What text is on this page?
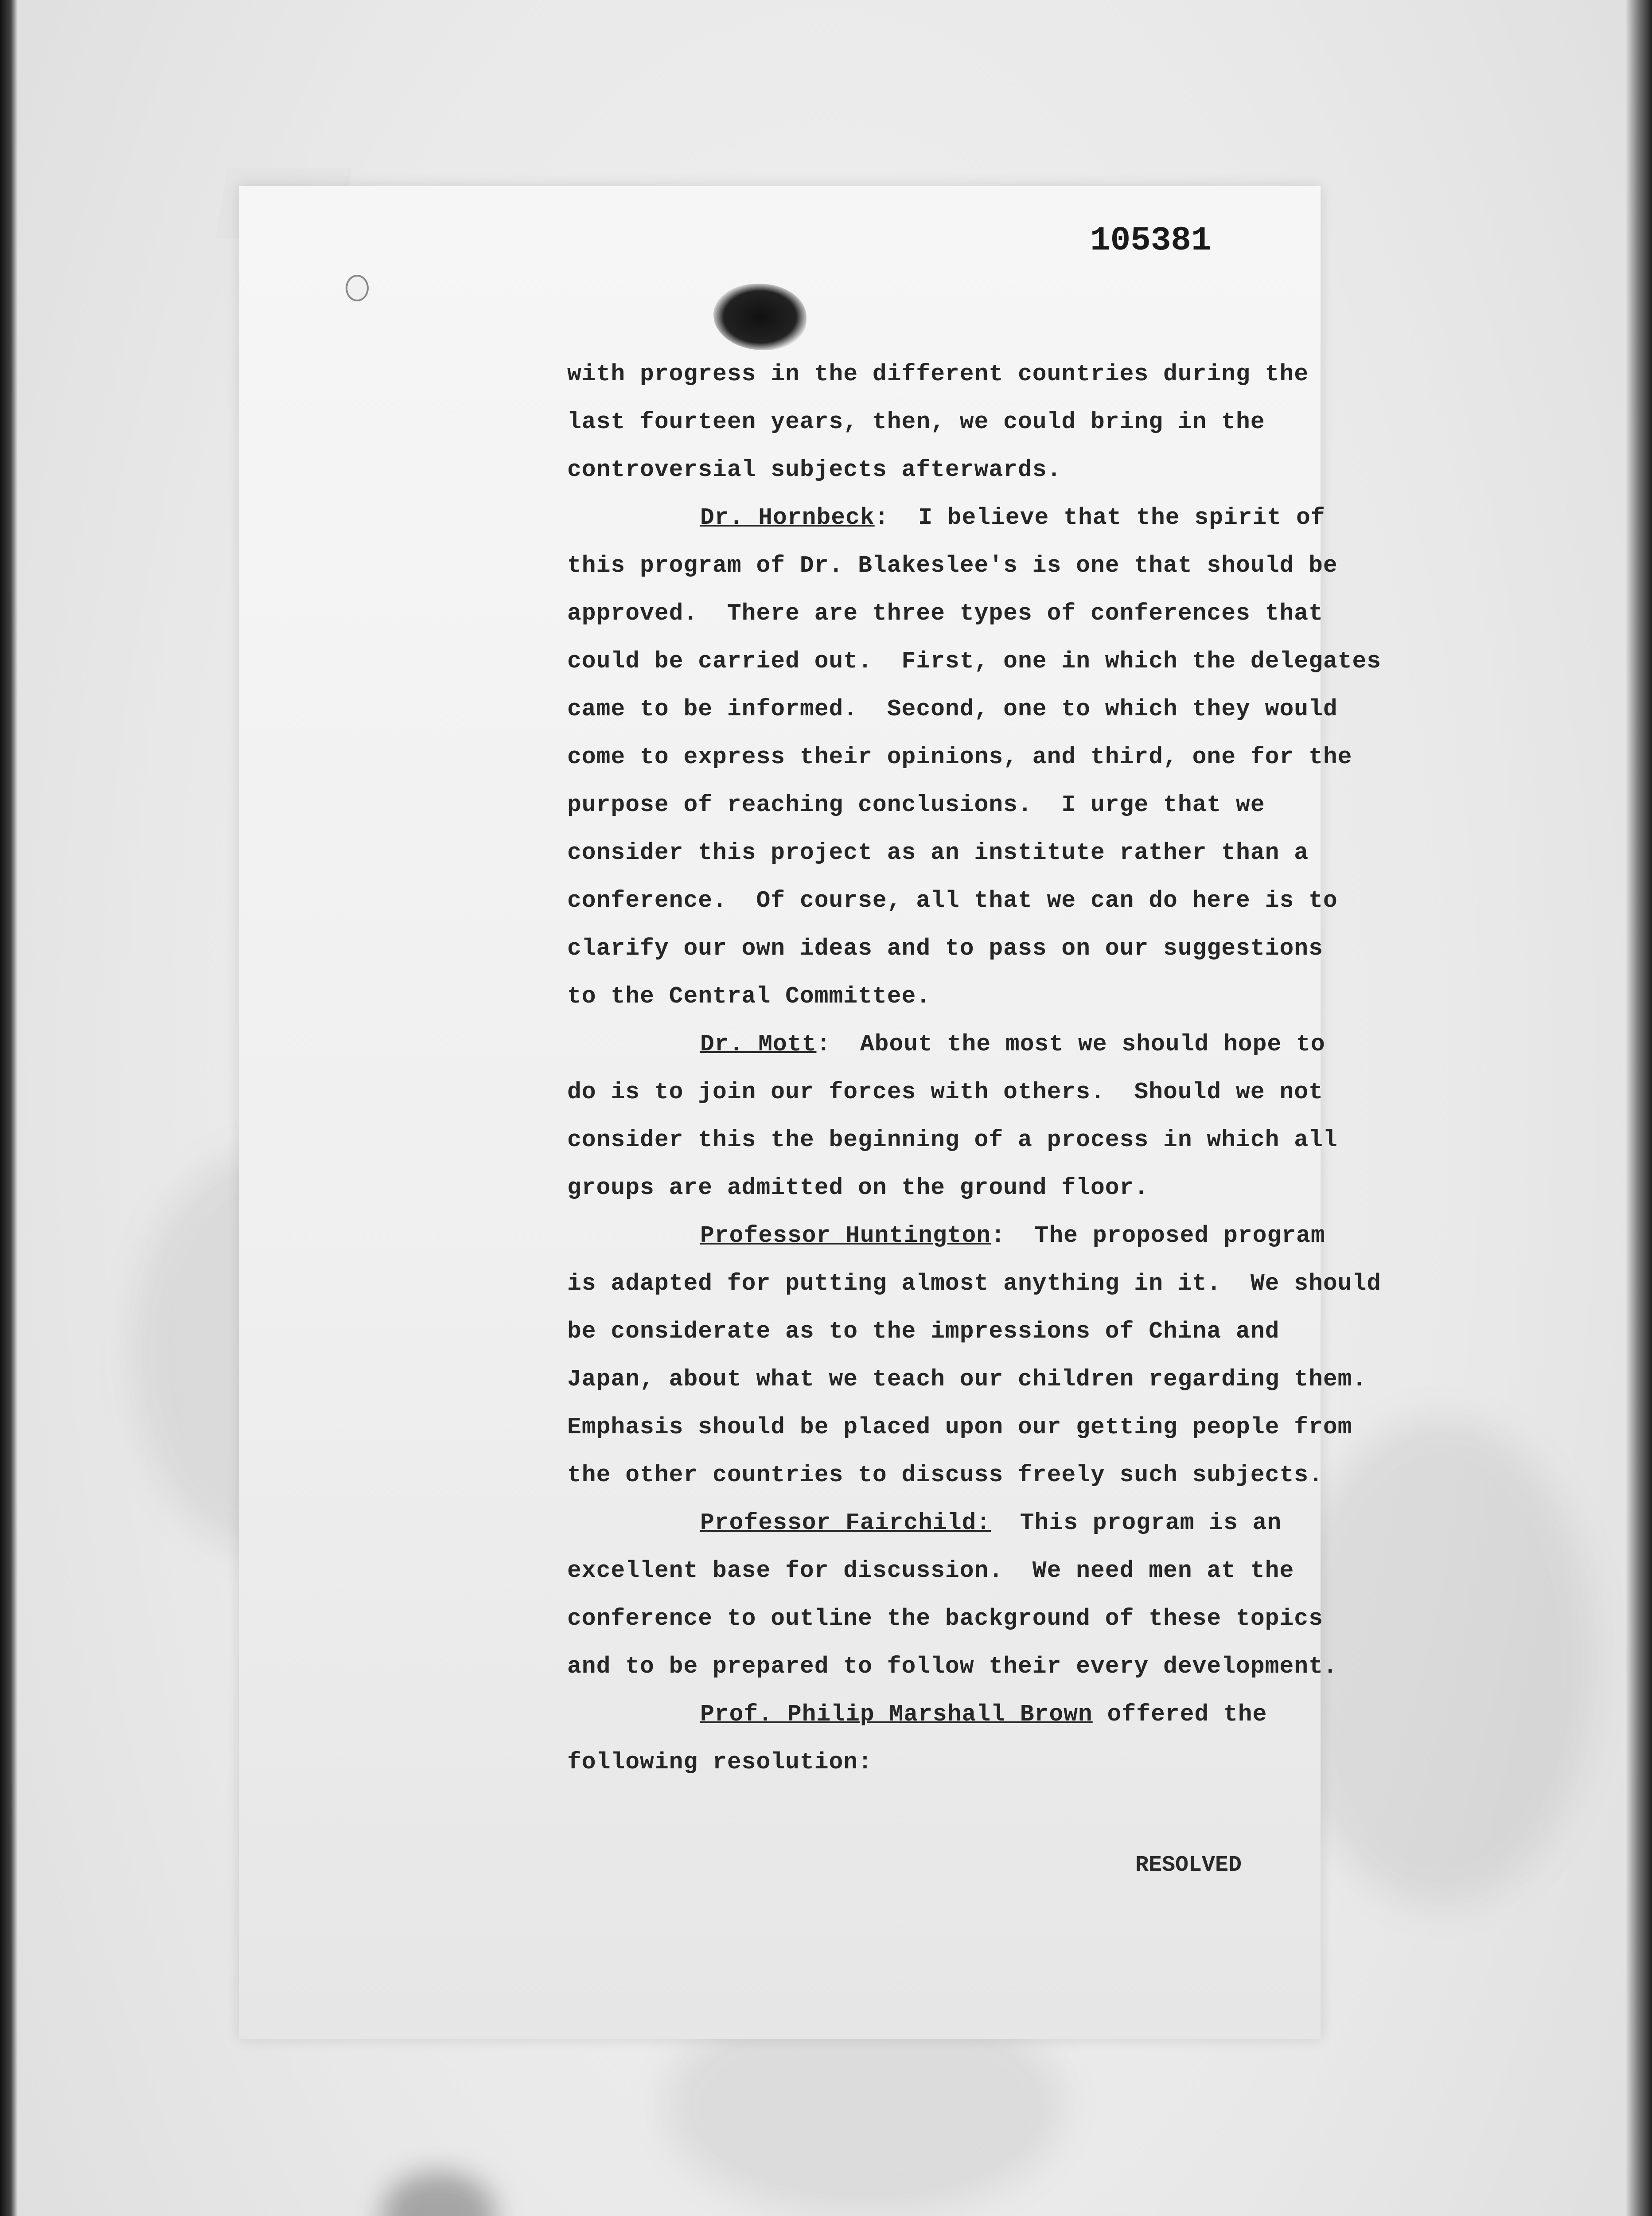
105381
with progress in the different countries during the
last fourteen years, then, we could bring in the
controversial subjects afterwards.
Dr. Hornbeck:  I believe that the spirit of
this program of Dr. Blakeslee's is one that should be
approved.  There are three types of conferences that
could be carried out.  First, one in which the delegates
came to be informed.  Second, one to which they would
come to express their opinions, and third, one for the
purpose of reaching conclusions.  I urge that we
consider this project as an institute rather than a
conference.  Of course, all that we can do here is to
clarify our own ideas and to pass on our suggestions
to the Central Committee.
Dr. Mott:  About the most we should hope to
do is to join our forces with others.  Should we not
consider this the beginning of a process in which all
groups are admitted on the ground floor.
Professor Huntington:  The proposed program
is adapted for putting almost anything in it.  We should
be considerate as to the impressions of China and
Japan, about what we teach our children regarding them.
Emphasis should be placed upon our getting people from
the other countries to discuss freely such subjects.
Professor Fairchild:  This program is an
excellent base for discussion.  We need men at the
conference to outline the background of these topics
and to be prepared to follow their every development.
Prof. Philip Marshall Brown offered the
following resolution:
RESOLVED
